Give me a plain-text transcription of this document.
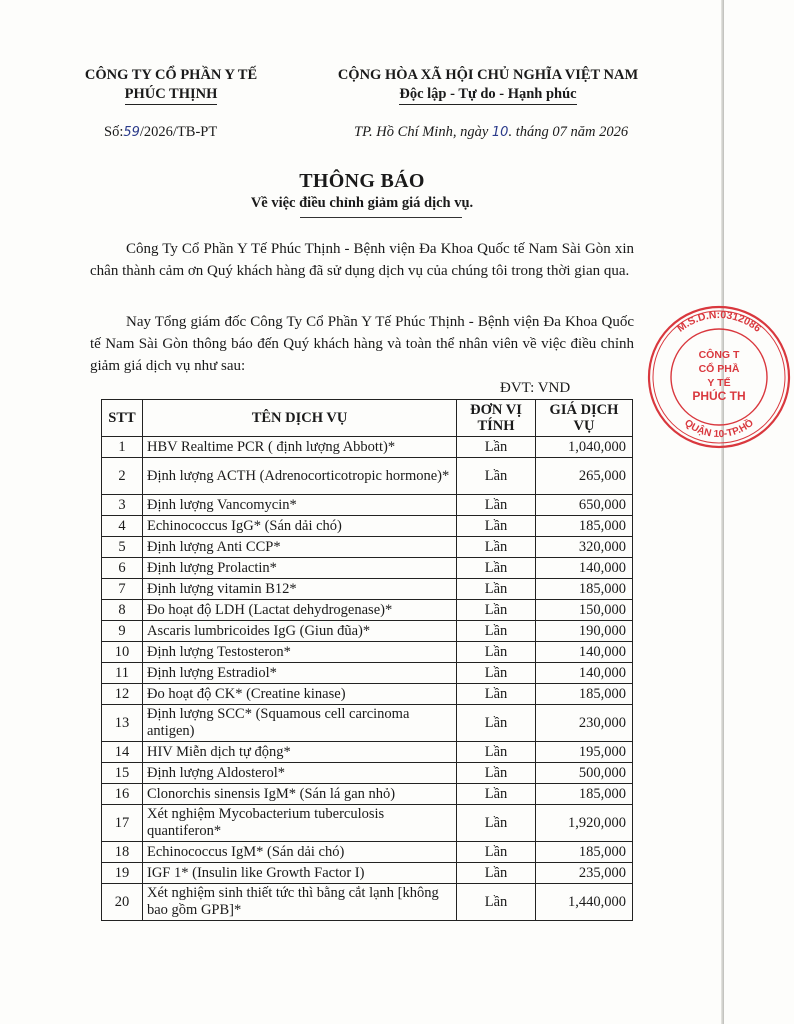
CÔNG TY CỔ PHẦN Y TẾ
PHÚC THỊNH
CỘNG HÒA XÃ HỘI CHỦ NGHĨA VIỆT NAM
Độc lập - Tự do - Hạnh phúc
Số:59/2026/TB-PT	TP. Hồ Chí Minh, ngày 10. tháng 07 năm 2026
THÔNG BÁO
Về việc điều chỉnh giảm giá dịch vụ.
Công Ty Cổ Phần Y Tế Phúc Thịnh - Bệnh viện Đa Khoa Quốc tế Nam Sài Gòn xin chân thành cảm ơn Quý khách hàng đã sử dụng dịch vụ của chúng tôi trong thời gian qua.
Nay Tổng giám đốc Công Ty Cổ Phần Y Tế Phúc Thịnh - Bệnh viện Đa Khoa Quốc tế Nam Sài Gòn thông báo đến Quý khách hàng và toàn thể nhân viên về việc điều chỉnh giảm giá dịch vụ như sau:
ĐVT: VND
STT	TÊN DỊCH VỤ	ĐƠN VỊ TÍNH	GIÁ DỊCH VỤ
1	HBV Realtime PCR ( định lượng Abbott)*	Lần	1,040,000
2	Định lượng ACTH (Adrenocorticotropic hormone)*	Lần	265,000
3	Định lượng Vancomycin*	Lần	650,000
4	Echinococcus IgG* (Sán dải chó)	Lần	185,000
5	Định lượng Anti CCP*	Lần	320,000
6	Định lượng Prolactin*	Lần	140,000
7	Định lượng vitamin B12*	Lần	185,000
8	Đo hoạt độ LDH (Lactat dehydrogenase)*	Lần	150,000
9	Ascaris lumbricoides IgG (Giun đũa)*	Lần	190,000
10	Định lượng Testosteron*	Lần	140,000
11	Định lượng Estradiol*	Lần	140,000
12	Đo hoạt độ CK* (Creatine kinase)	Lần	185,000
13	Định lượng SCC* (Squamous cell carcinoma antigen)	Lần	230,000
14	HIV Miễn dịch tự động*	Lần	195,000
15	Định lượng Aldosterol*	Lần	500,000
16	Clonorchis sinensis IgM* (Sán lá gan nhỏ)	Lần	185,000
17	Xét nghiệm Mycobacterium tuberculosis quantiferon*	Lần	1,920,000
18	Echinococcus IgM* (Sán dải chó)	Lần	185,000
19	IGF 1* (Insulin like Growth Factor I)	Lần	235,000
20	Xét nghiệm sinh thiết tức thì bằng cắt lạnh [không bao gồm GPB]*	Lần	1,440,000
M.S.D.N:0312086
QUẬN 10-TP.HỒ
CÔNG T
CỔ PHẦ
Y TẾ
PHÚC TH
